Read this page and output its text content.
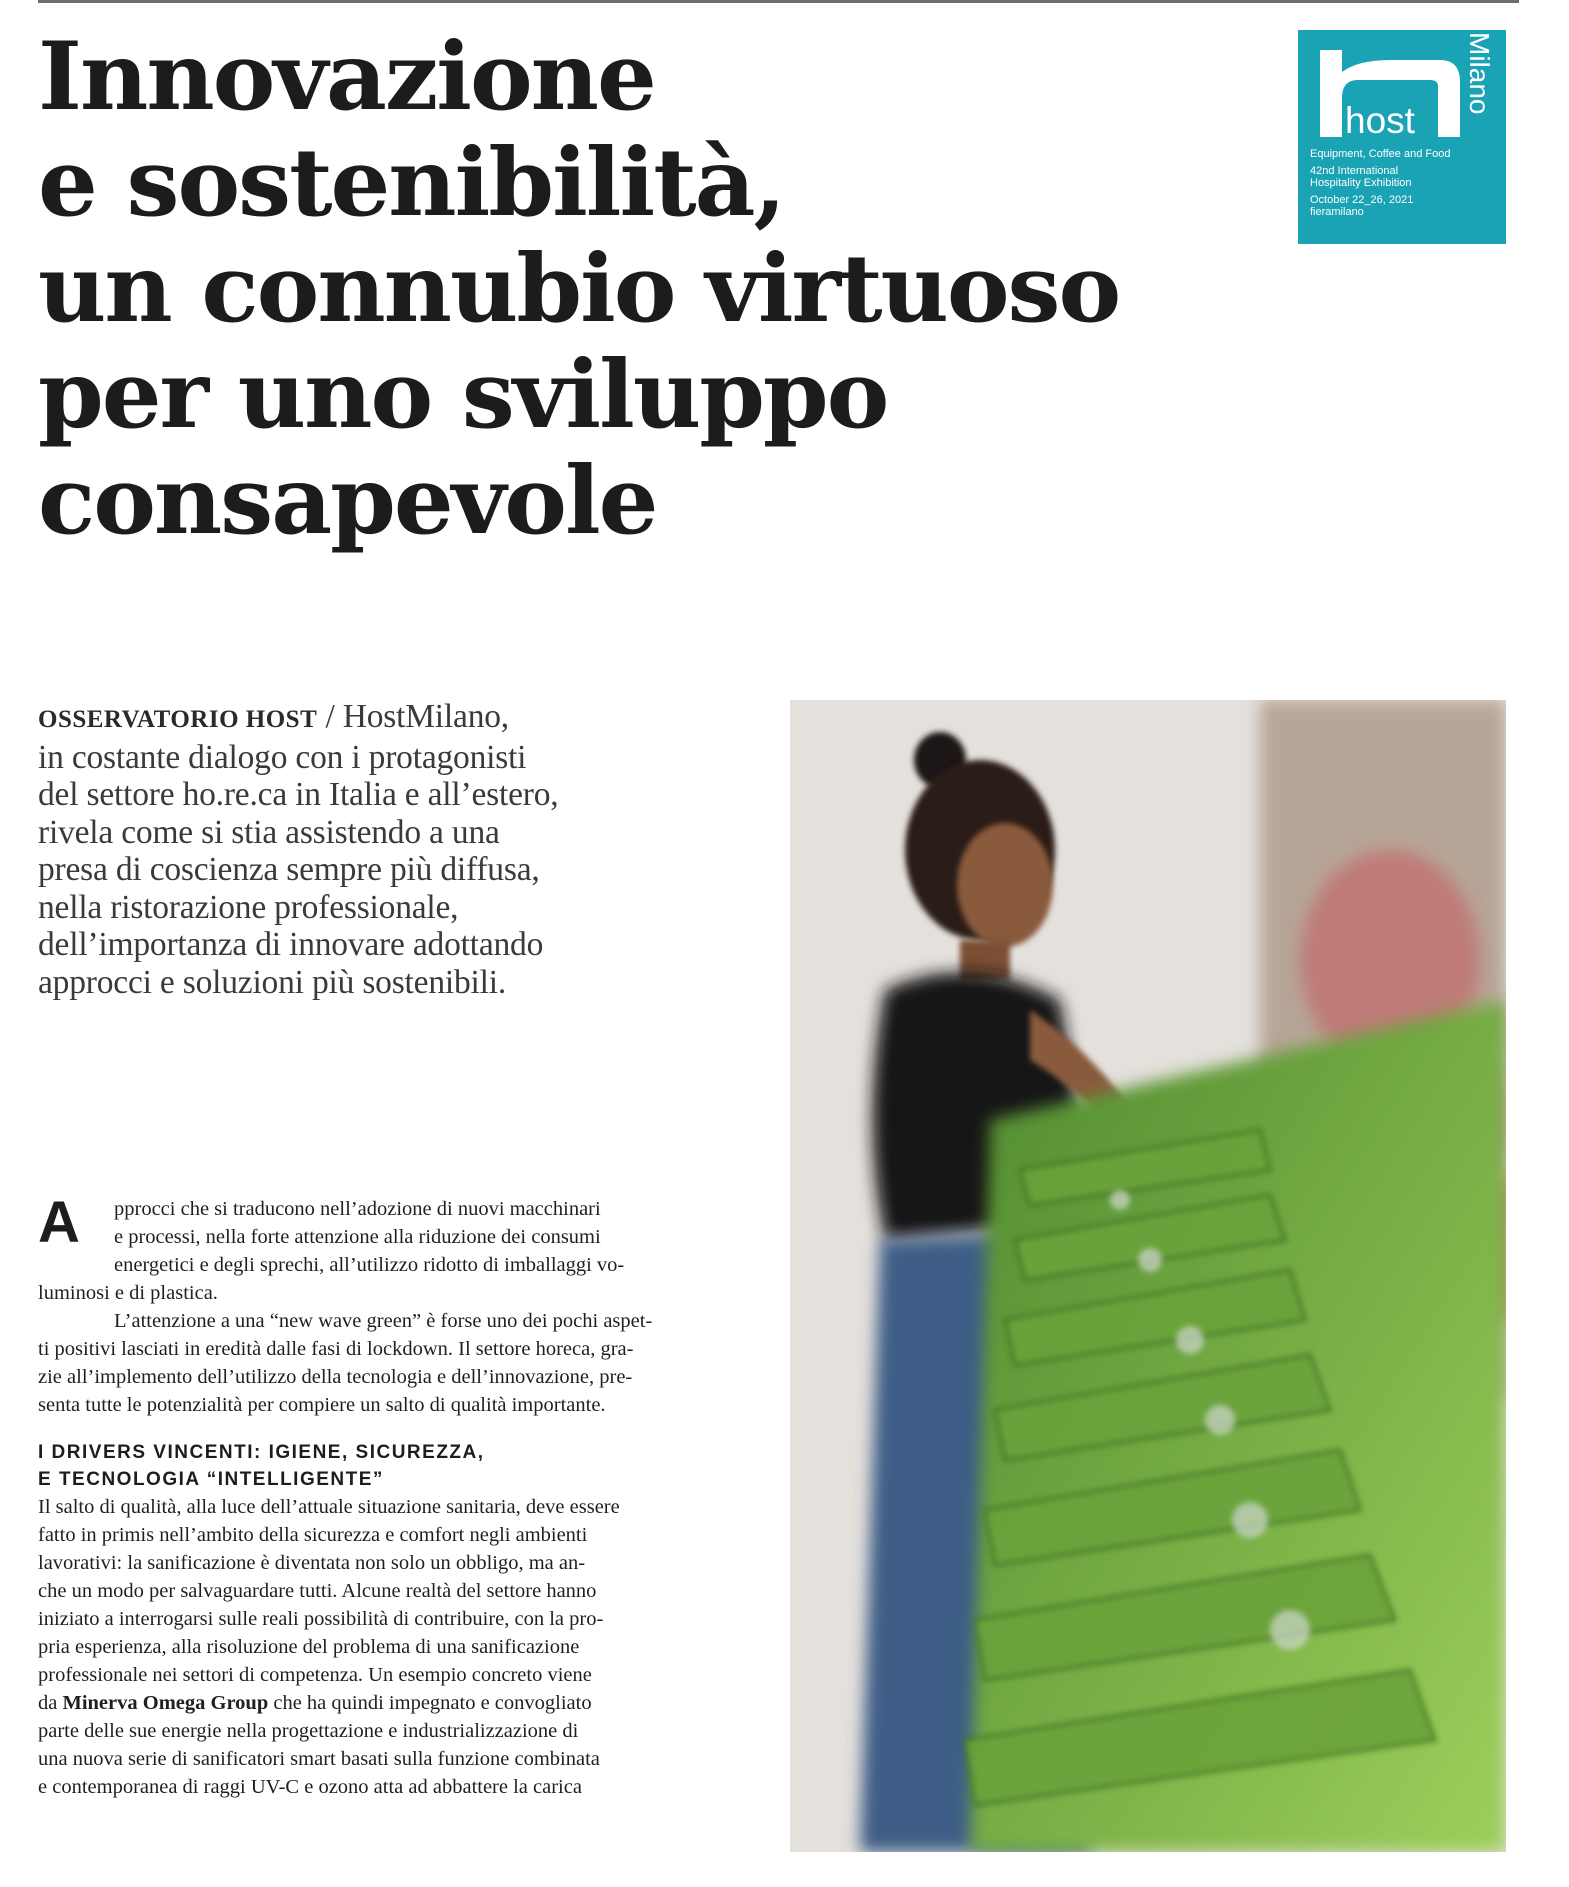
Innovazione
e sostenibilità,
un connubio virtuoso
per uno sviluppo
consapevole
host
Milano
Equipment, Coffee and Food
42nd International
Hospitality Exhibition
October 22_26, 2021
fieramilano
OSSERVATORIO HOST / HostMilano,
in costante dialogo con i protagonisti
del settore ho.re.ca in Italia e all’estero,
rivela come si stia assistendo a una
presa di coscienza sempre più diffusa,
nella ristorazione professionale,
dell’importanza di innovare adottando
approcci e soluzioni più sostenibili.
A	pprocci che si traducono nell’adozione di nuovi macchinari
e processi, nella forte attenzione alla riduzione dei consumi
energetici e degli sprechi, all’utilizzo ridotto di imballaggi vo-
luminosi e di plastica.
L’attenzione a una “new wave green” è forse uno dei pochi aspet-
ti positivi lasciati in eredità dalle fasi di lockdown. Il settore horeca, gra-
zie all’implemento dell’utilizzo della tecnologia e dell’innovazione, pre-
senta tutte le potenzialità per compiere un salto di qualità importante.
I DRIVERS VINCENTI: IGIENE, SICUREZZA,
E TECNOLOGIA “INTELLIGENTE”
Il salto di qualità, alla luce dell’attuale situazione sanitaria, deve essere
fatto in primis nell’ambito della sicurezza e comfort negli ambienti
lavorativi: la sanificazione è diventata non solo un obbligo, ma an-
che un modo per salvaguardare tutti. Alcune realtà del settore hanno
iniziato a interrogarsi sulle reali possibilità di contribuire, con la pro-
pria esperienza, alla risoluzione del problema di una sanificazione
professionale nei settori di competenza. Un esempio concreto viene
da Minerva Omega Group che ha quindi impegnato e convogliato
parte delle sue energie nella progettazione e industrializzazione di
una nuova serie di sanificatori smart basati sulla funzione combinata
e contemporanea di raggi UV-C e ozono atta ad abbattere la carica
